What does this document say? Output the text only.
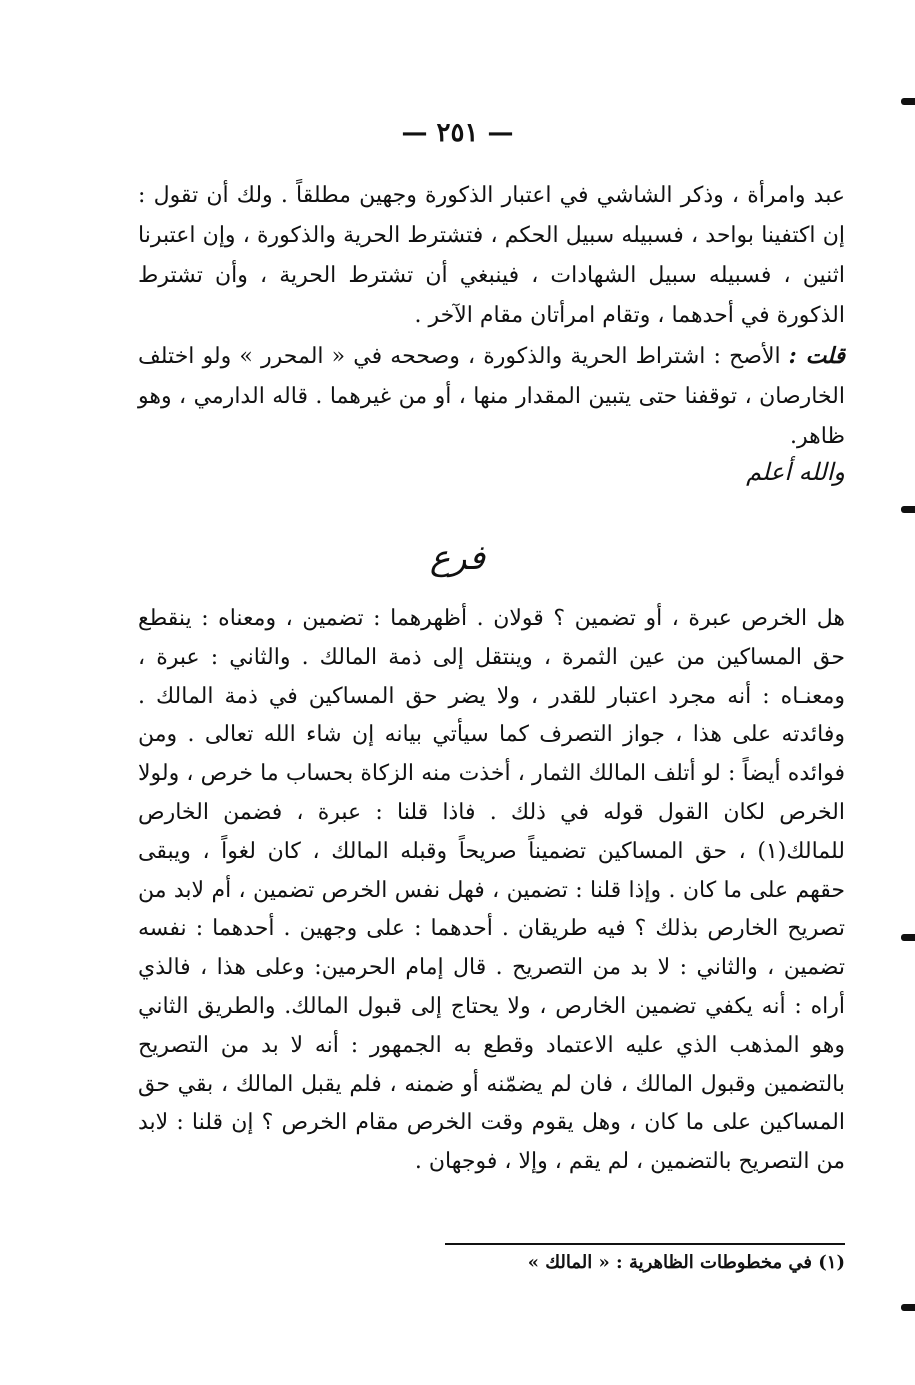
— ٢٥١ —

عبد وامرأة ، وذكر الشاشي في اعتبار الذكورة وجهين مطلقاً . ولك أن تقول : إن اكتفينا بواحد ، فسبيله سبيل الحكم ، فتشترط الحرية والذكورة ، وإن اعتبرنا اثنين ، فسبيله سبيل الشهادات ، فينبغي أن تشترط الحرية ، وأن تشترط الذكورة في أحدهما ، وتقام امرأتان مقام الآخر .

قلت :الأصح : اشتراط الحرية والذكورة ، وصححه في « المحرر » ولو اختلف الخارصان ، توقفنا حتى يتبين المقدار منها ، أو من غيرهما . قاله الدارمي ، وهو ظاهر.

والله أعلم
فرع

هل الخرص عبرة ، أو تضمين ؟ قولان . أظهرهما : تضمين ، ومعناه : ينقطع حق المساكين من عين الثمرة ، وينتقل إلى ذمة المالك . والثاني : عبرة ، ومعنـاه : أنه مجرد اعتبار للقدر ، ولا يضر حق المساكين في ذمة المالك . وفائدته على هذا ، جواز التصرف كما سيأتي بيانه إن شاء الله تعالى . ومن فوائده أيضاً : لو أتلف المالك الثمار ، أخذت منه الزكاة بحساب ما خرص ، ولولا الخرص لكان القول قوله في ذلك . فاذا قلنا : عبرة ، فضمن الخارص للمالك(١) ، حق المساكين تضميناً صريحاً وقبله المالك ، كان لغواً ، ويبقى حقهم على ما كان . وإذا قلنا : تضمين ، فهل نفس الخرص تضمين ، أم لابد من تصريح الخارص بذلك ؟ فيه طريقان . أحدهما : على وجهين . أحدهما : نفسه تضمين ، والثاني : لا بد من التصريح . قال إمام الحرمين: وعلى هذا ، فالذي أراه : أنه يكفي تضمين الخارص ، ولا يحتاج إلى قبول المالك. والطريق الثاني وهو المذهب الذي عليه الاعتماد وقطع به الجمهور : أنه لا بد من التصريح بالتضمين وقبول المالك ، فان لم يضمّنه أو ضمنه ، فلم يقبل المالك ، بقي حق المساكين على ما كان ، وهل يقوم وقت الخرص مقام الخرص ؟ إن قلنا : لابد من التصريح بالتضمين ، لم يقم ، وإلا ، فوجهان .

(١) في مخطوطات الظاهرية : « المالك »
